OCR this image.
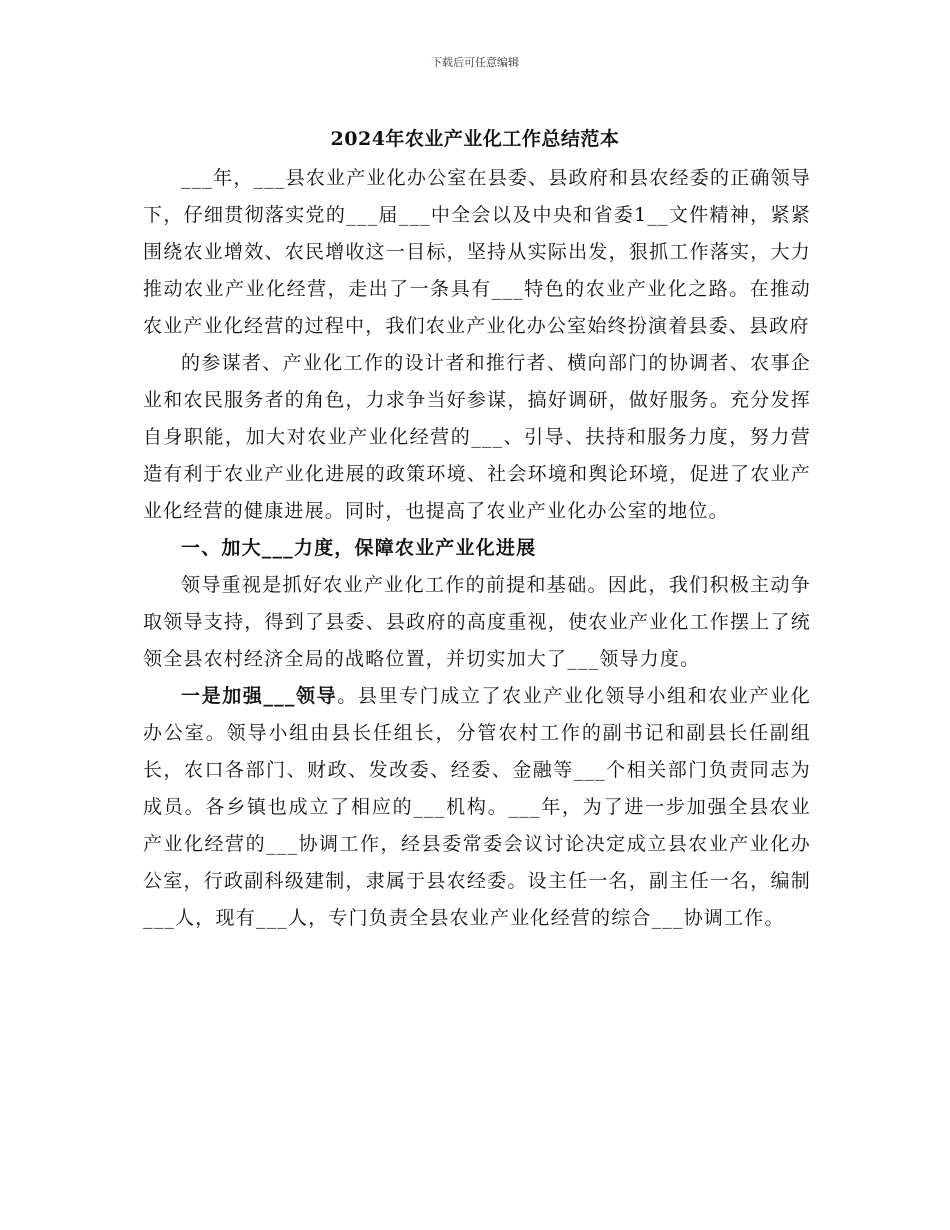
下载后可任意编辑
2024年农业产业化工作总结范本

___年，___县农业产业化办公室在县委、县政府和县农经委的正确领导下，仔细贯彻落实党的___届___中全会以及中央和省委1__文件精神，紧紧围绕农业增效、农民增收这一目标，坚持从实际出发，狠抓工作落实，大力推动农业产业化经营，走出了一条具有___特色的农业产业化之路。在推动农业产业化经营的过程中，我们农业产业化办公室始终扮演着县委、县政府

的参谋者、产业化工作的设计者和推行者、横向部门的协调者、农事企业和农民服务者的角色，力求争当好参谋，搞好调研，做好服务。充分发挥自身职能，加大对农业产业化经营的___、引导、扶持和服务力度，努力营造有利于农业产业化进展的政策环境、社会环境和舆论环境，促进了农业产业化经营的健康进展。同时，也提高了农业产业化办公室的地位。

一、加大___力度，保障农业产业化进展

领导重视是抓好农业产业化工作的前提和基础。因此，我们积极主动争取领导支持，得到了县委、县政府的高度重视，使农业产业化工作摆上了统领全县农村经济全局的战略位置，并切实加大了___领导力度。

一是加强___领导。县里专门成立了农业产业化领导小组和农业产业化办公室。领导小组由县长任组长，分管农村工作的副书记和副县长任副组长，农口各部门、财政、发改委、经委、金融等___个相关部门负责同志为成员。各乡镇也成立了相应的___机构。___年，为了进一步加强全县农业产业化经营的___协调工作，经县委常委会议讨论决定成立县农业产业化办公室，行政副科级建制，隶属于县农经委。设主任一名，副主任一名，编制___人，现有___人，专门负责全县农业产业化经营的综合___协调工作。
